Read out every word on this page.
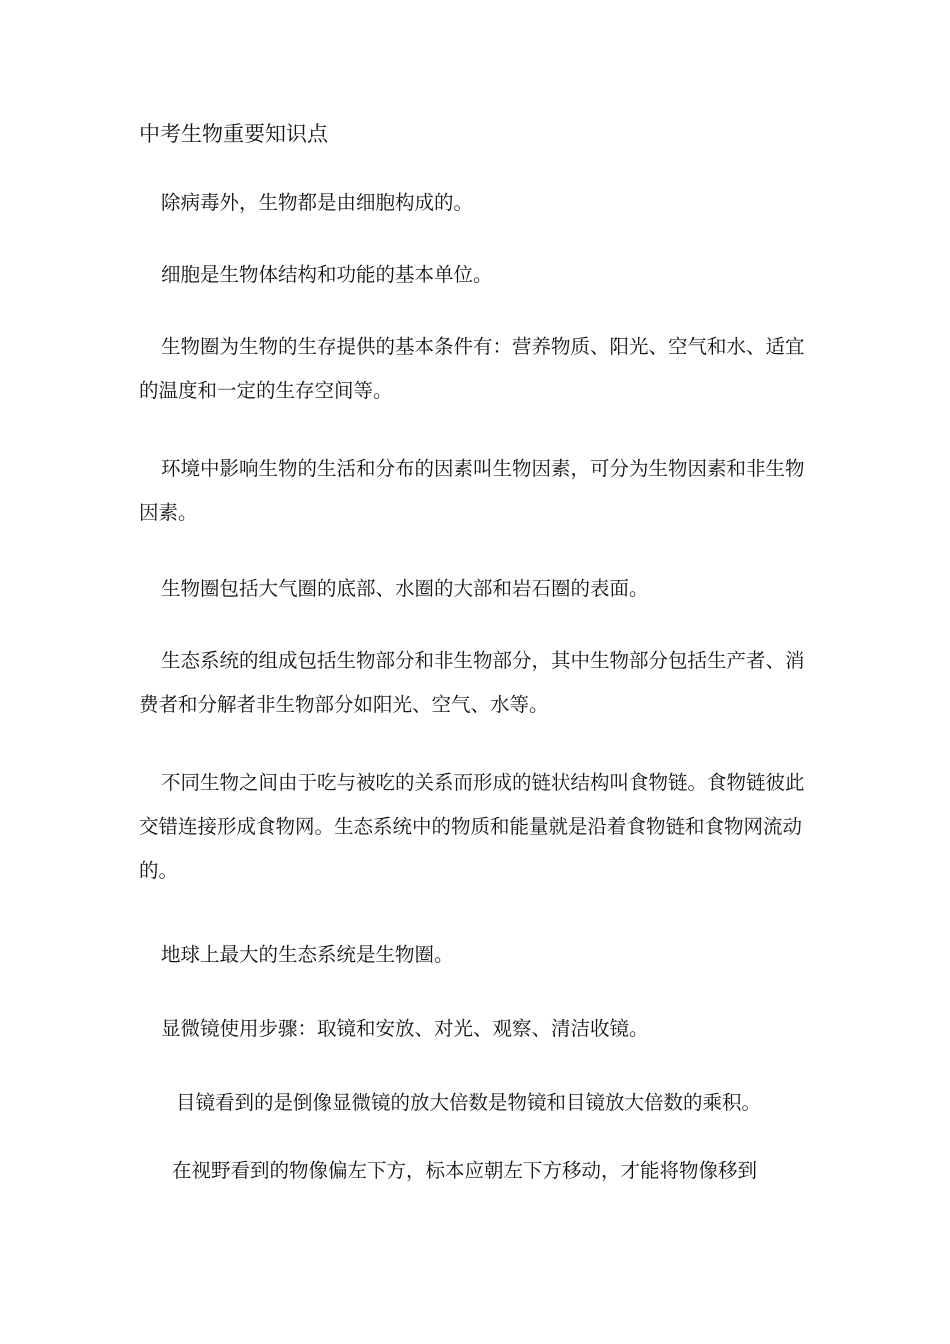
中考生物重要知识点

除病毒外，生物都是由细胞构成的。

细胞是生物体结构和功能的基本单位。

生物圈为生物的生存提供的基本条件有：营养物质、阳光、空气和水、适宜的温度和一定的生存空间等。

环境中影响生物的生活和分布的因素叫生物因素，可分为生物因素和非生物因素。

生物圈包括大气圈的底部、水圈的大部和岩石圈的表面。

生态系统的组成包括生物部分和非生物部分，其中生物部分包括生产者、消费者和分解者非生物部分如阳光、空气、水等。

不同生物之间由于吃与被吃的关系而形成的链状结构叫食物链。食物链彼此交错连接形成食物网。生态系统中的物质和能量就是沿着食物链和食物网流动的。

地球上最大的生态系统是生物圈。

显微镜使用步骤：取镜和安放、对光、观察、清洁收镜。

目镜看到的是倒像显微镜的放大倍数是物镜和目镜放大倍数的乘积。

在视野看到的物像偏左下方，标本应朝左下方移动，才能将物像移到
